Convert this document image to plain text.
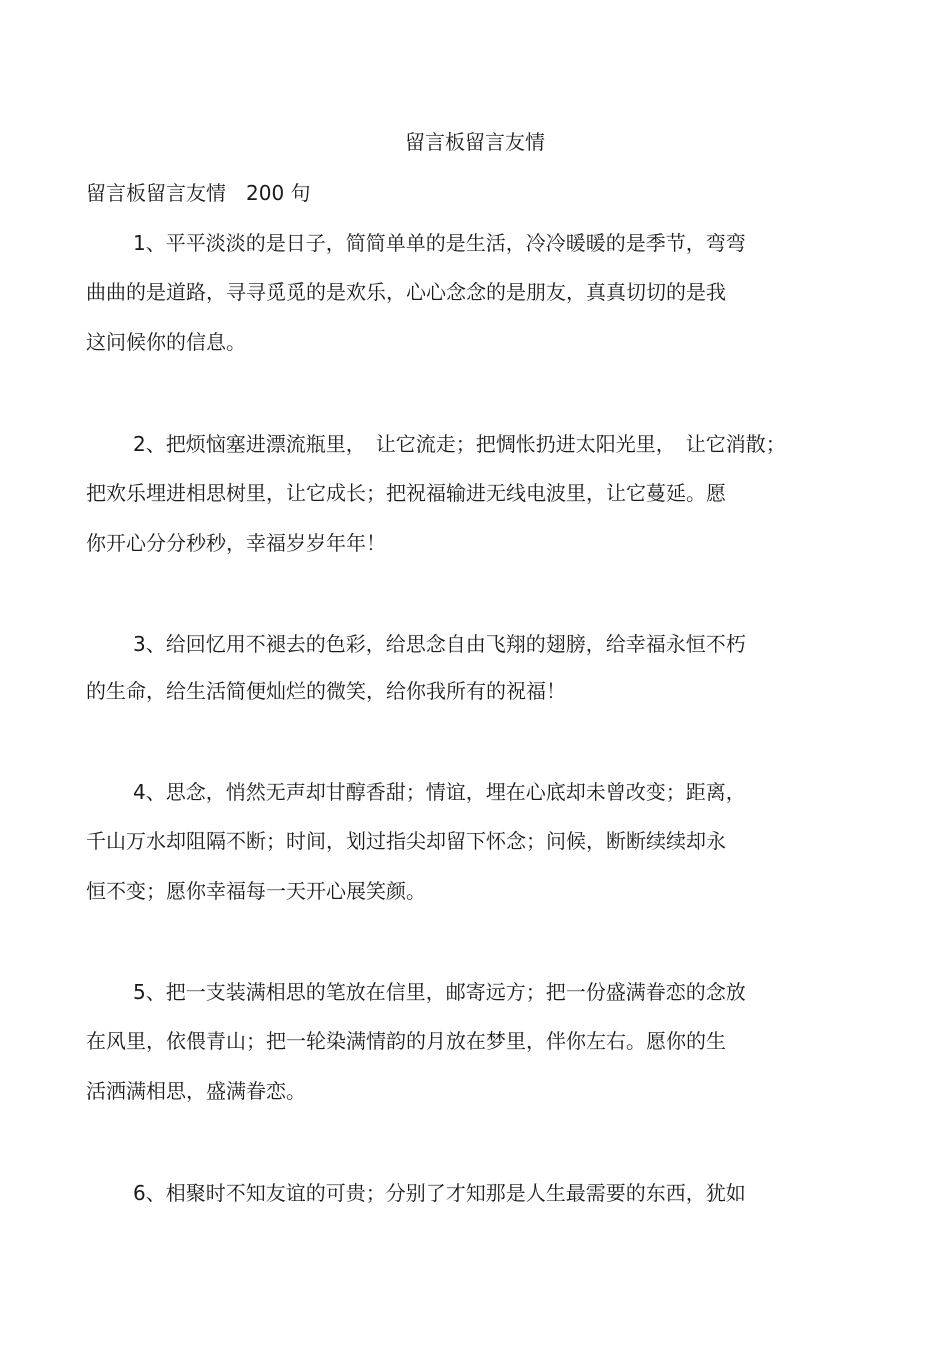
留言板留言友情
留言板留言友情　200 句
1、平平淡淡的是日子，简简单单的是生活，冷冷暖暖的是季节，弯弯
曲曲的是道路，寻寻觅觅的是欢乐，心心念念的是朋友，真真切切的是我
这问候你的信息。
2、把烦恼塞进漂流瓶里，　让它流走；把惆怅扔进太阳光里，　让它消散；
把欢乐埋进相思树里，让它成长；把祝福输进无线电波里，让它蔓延。愿
你开心分分秒秒，幸福岁岁年年！
3、给回忆用不褪去的色彩，给思念自由飞翔的翅膀，给幸福永恒不朽
的生命，给生活简便灿烂的微笑，给你我所有的祝福！
4、思念，悄然无声却甘醇香甜；情谊，埋在心底却未曾改变；距离，
千山万水却阻隔不断；时间，划过指尖却留下怀念；问候，断断续续却永
恒不变；愿你幸福每一天开心展笑颜。
5、把一支装满相思的笔放在信里，邮寄远方；把一份盛满眷恋的念放
在风里，依偎青山；把一轮染满情韵的月放在梦里，伴你左右。愿你的生
活洒满相思，盛满眷恋。
6、相聚时不知友谊的可贵；分别了才知那是人生最需要的东西，犹如
